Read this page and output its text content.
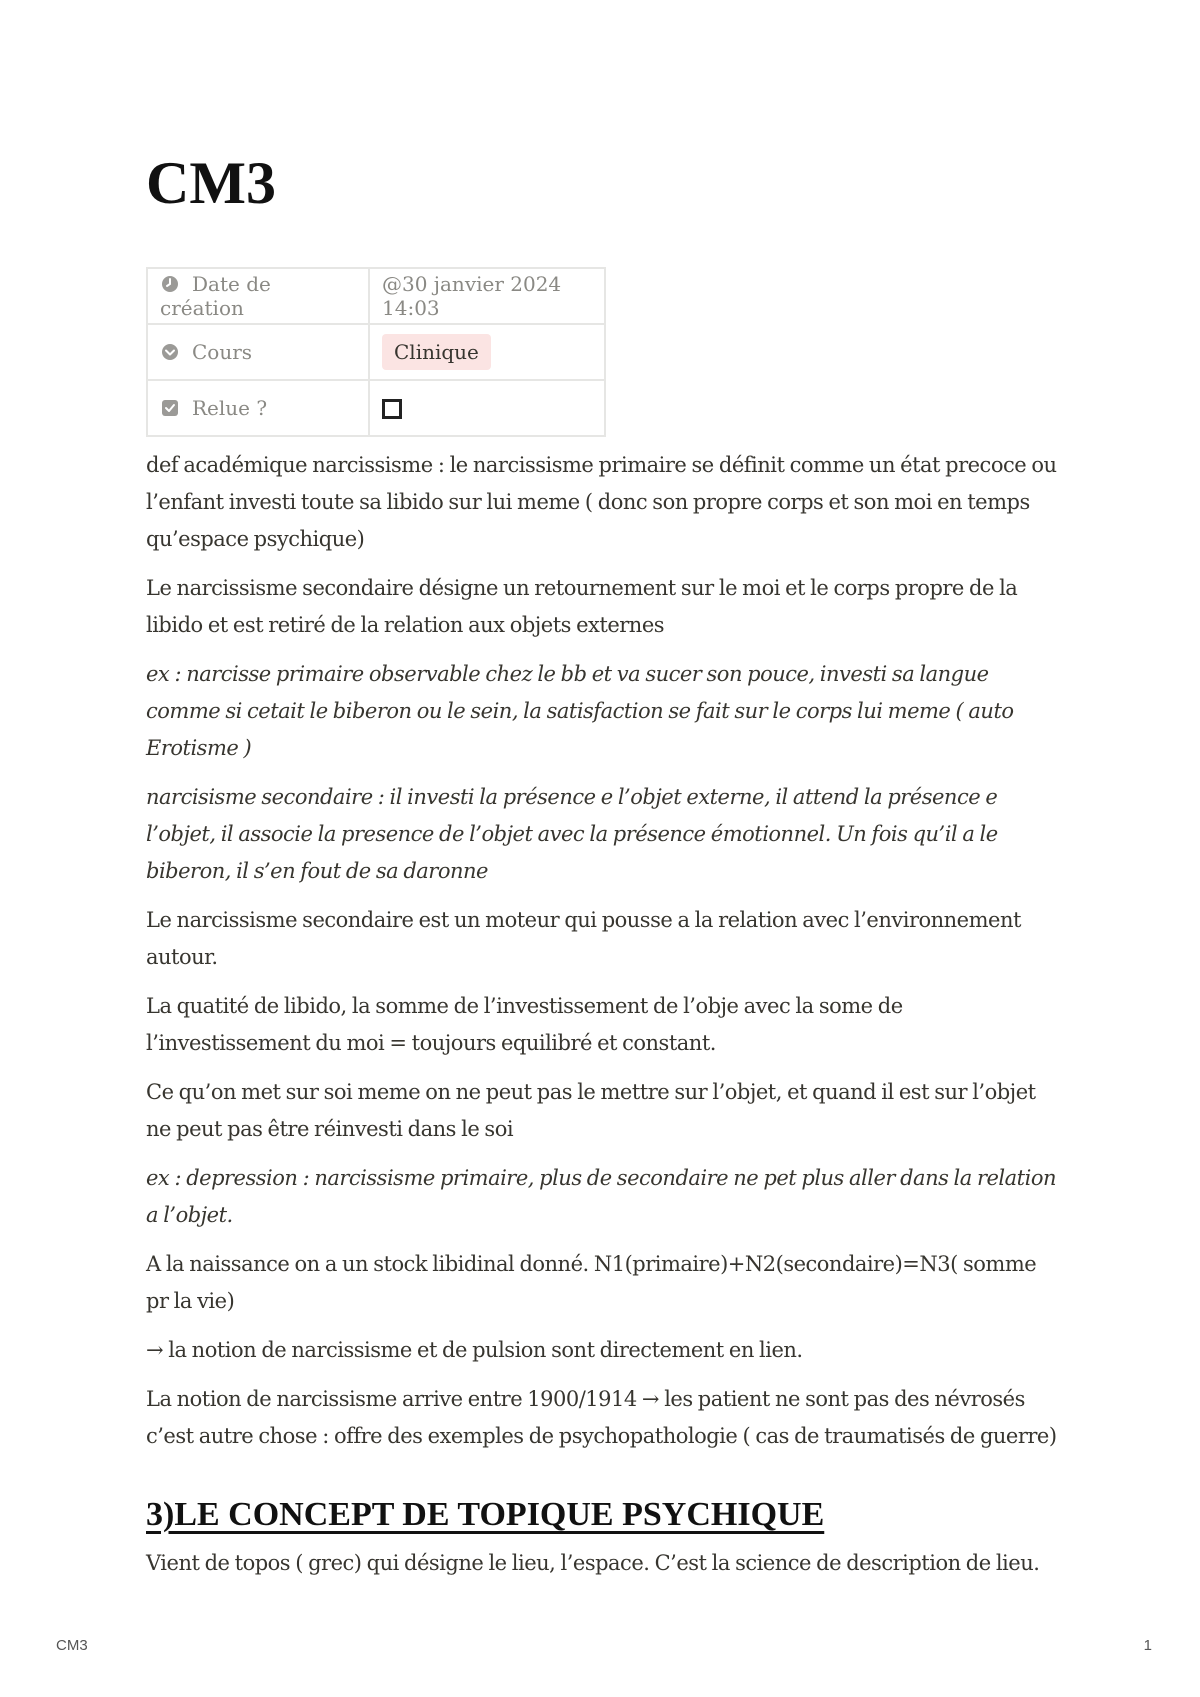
CM3
Date de création	@30 janvier 2024 14:03

Cours	Clinique

Relue ?	

def académique narcissisme : le narcissisme primaire se définit comme un état precoce ou l’enfant investi toute sa libido sur lui meme ( donc son propre corps et son moi en temps qu’espace psychique)

Le narcissisme secondaire désigne un retournement sur le moi et le corps propre de la libido et est retiré de la relation aux objets externes

ex : narcisse primaire observable chez le bb et va sucer son pouce, investi sa langue comme si cetait le biberon ou le sein, la satisfaction se fait sur le corps lui meme ( auto Erotisme )

narcisisme secondaire : il investi la présence e l’objet externe, il attend la présence e l’objet, il associe la presence de l’objet avec la présence émotionnel. Un fois qu’il a le biberon, il s’en fout de sa daronne

Le narcissisme secondaire est un moteur qui pousse a la relation avec l’environnement autour.

La quatité de libido, la somme de l’investissement de l’obje avec la some de l’investissement du moi = toujours equilibré et constant.

Ce qu’on met sur soi meme on ne peut pas le mettre sur l’objet, et quand il est sur l’objet ne peut pas être réinvesti dans le soi

ex : depression : narcissisme primaire, plus de secondaire ne pet plus aller dans la relation a l’objet.

A la naissance on a un stock libidinal donné. N1(primaire)+N2(secondaire)=N3( somme pr la vie)

→ la notion de narcissisme et de pulsion sont directement en lien.

La notion de narcissisme arrive entre 1900/1914 → les patient ne sont pas des névrosés c’est autre chose : offre des exemples de psychopathologie ( cas de traumatisés de guerre)

3)LE CONCEPT DE TOPIQUE PSYCHIQUE

Vient de topos ( grec) qui désigne le lieu, l’espace. C’est la science de description de lieu.

CM3	1
